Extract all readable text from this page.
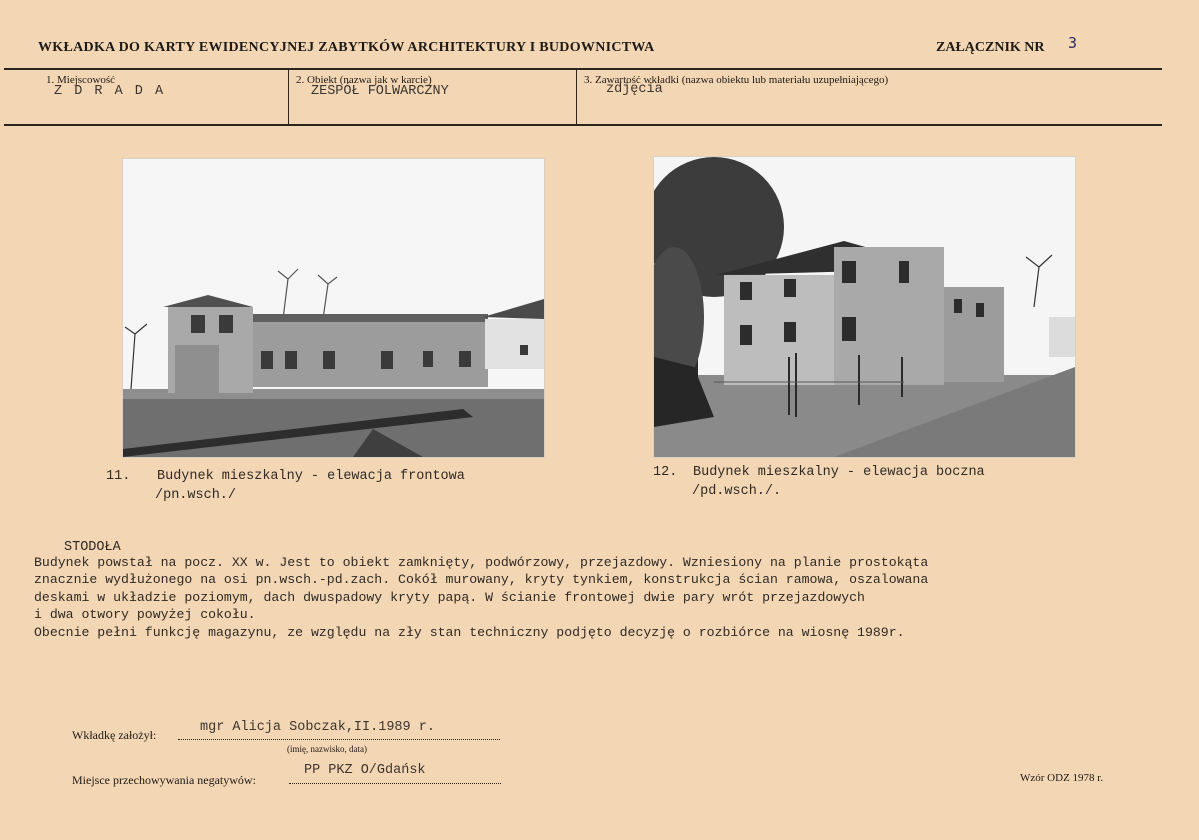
WKŁADKA DO KARTY EWIDENCYJNEJ ZABYTKÓW ARCHITEKTURY I BUDOWNICTWA	ZAŁĄCZNIK NR 3
1. Miejscowość
Z D R A D A
2. Obiekt (nazwa jak w karcie)
ZESPÓŁ FOLWARCZNY
3. Zawartość wkładki (nazwa obiektu lub materiału uzupełniającego)
zdjęcia
11. Budynek mieszkalny - elewacja frontowa
/pn.wsch./
12. Budynek mieszkalny - elewacja boczna
/pd.wsch./.
STODOŁA
Budynek powstał na pocz. XX w. Jest to obiekt zamknięty, podwórzowy, przejazdowy. Wzniesiony na planie prostokąta
znacznie wydłużonego na osi pn.wsch.-pd.zach. Cokół murowany, kryty tynkiem, konstrukcja ścian ramowa, oszalowana
deskami w układzie poziomym, dach dwuspadowy kryty papą. W ścianie frontowej dwie pary wrót przejazdowych
i dwa otwory powyżej cokołu.
Obecnie pełni funkcję magazynu, ze względu na zły stan techniczny podjęto decyzję o rozbiórce na wiosnę 1989r.
Wkładkę założył:	mgr Alicja Sobczak,II.1989 r.
(imię, nazwisko, data)
Miejsce przechowywania negatywów:
PP PKZ O/Gdańsk	Wzór ODZ 1978 r.
